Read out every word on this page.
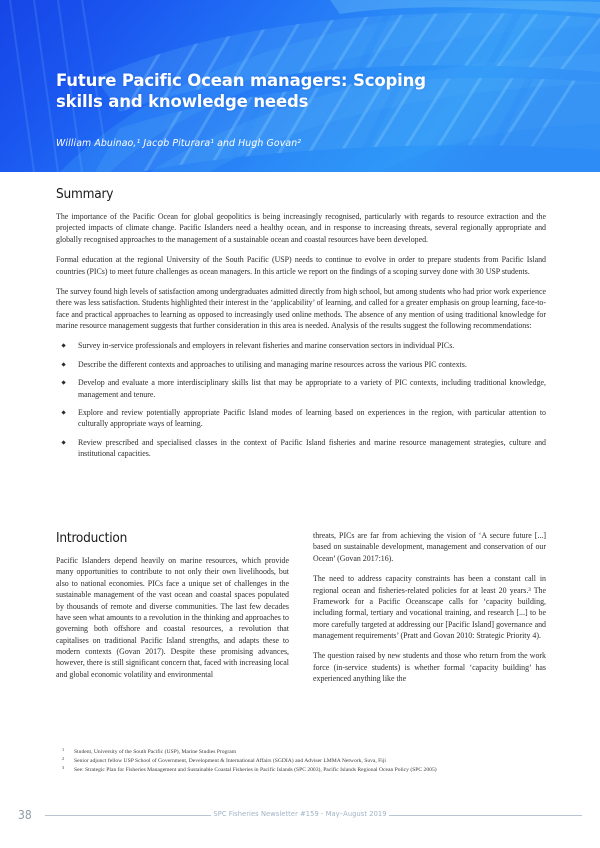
Future Pacific Ocean managers: Scoping skills and knowledge needs
William Abuinao,¹ Jacob Piturara¹ and Hugh Govan²
Summary

The importance of the Pacific Ocean for global geopolitics is being increasingly recognised, particularly with regards to resource extraction and the projected impacts of climate change. Pacific Islanders need a healthy ocean, and in response to increasing threats, several regionally appropriate and globally recognised approaches to the management of a sustainable ocean and coastal resources have been developed.

Formal education at the regional University of the South Pacific (USP) needs to continue to evolve in order to prepare students from Pacific Island countries (PICs) to meet future challenges as ocean managers. In this article we report on the findings of a scoping survey done with 30 USP students.

The survey found high levels of satisfaction among undergraduates admitted directly from high school, but among students who had prior work experience there was less satisfaction. Students highlighted their interest in the ‘applicability’ of learning, and called for a greater emphasis on group learning, face-to-face and practical approaches to learning as opposed to increasingly used online methods. The absence of any mention of using traditional knowledge for marine resource management suggests that further consideration in this area is needed. Analysis of the results suggest the following recommendations:

Survey in-service professionals and employers in relevant fisheries and marine conservation sectors in individual PICs.
Describe the different contexts and approaches to utilising and managing marine resources across the various PIC contexts.
Develop and evaluate a more interdisciplinary skills list that may be appropriate to a variety of PIC contexts, including traditional knowledge, management and tenure.
Explore and review potentially appropriate Pacific Island modes of learning based on experiences in the region, with particular attention to culturally appropriate ways of learning.
Review prescribed and specialised classes in the context of Pacific Island fisheries and marine resource management strategies, culture and institutional capacities.
Introduction

Pacific Islanders depend heavily on marine resources, which provide many opportunities to contribute to not only their own livelihoods, but also to national economies. PICs face a unique set of challenges in the sustainable management of the vast ocean and coastal spaces populated by thousands of remote and diverse communities. The last few decades have seen what amounts to a revolution in the thinking and approaches to governing both offshore and coastal resources, a revolution that capitalises on traditional Pacific Island strengths, and adapts these to modern contexts (Govan 2017). Despite these promising advances, however, there is still significant concern that, faced with increasing local and global economic volatility and environmental

threats, PICs are far from achieving the vision of ‘A secure future [...] based on sustainable development, management and conservation of our Ocean’ (Govan 2017:16).

The need to address capacity constraints has been a constant call in regional ocean and fisheries-related policies for at least 20 years.³ The Framework for a Pacific Oceanscape calls for ‘capacity building, including formal, tertiary and vocational training, and research [...] to be more carefully targeted at addressing our [Pacific Island] governance and management requirements’ (Pratt and Govan 2010: Strategic Priority 4).

The question raised by new students and those who return from the work force (in-service students) is whether formal ‘capacity building’ has experienced anything like the

1 Student, University of the South Pacific (USP), Marine Studies Program
2 Senior adjunct fellow USP School of Government, Development & International Affairs (SGDIA) and Adviser LMMA Network, Suva, Fiji
3 See: Strategic Plan for Fisheries Management and Sustainable Coastal Fisheries in Pacific Islands (SPC 2003), Pacific Islands Regional Ocean Policy (SPC 2005)
38	SPC Fisheries Newsletter #159 - May–August 2019
